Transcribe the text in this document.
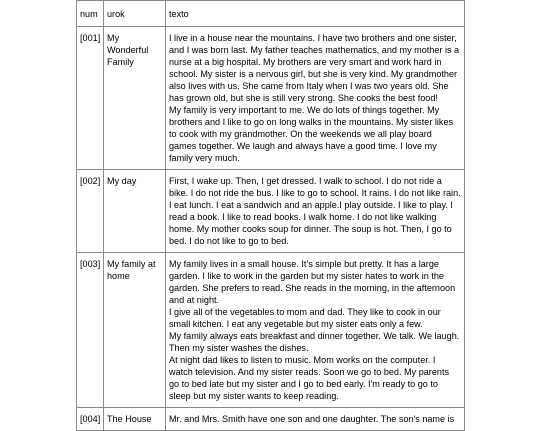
num	urok	texto
[001]	My Wonderful Family	I live in a house near the mountains. I have two brothers and one sister, and I was born last. My father teaches mathematics, and my mother is a nurse at a big hospital. My brothers are very smart and work hard in school. My sister is a nervous girl, but she is very kind. My grandmother also lives with us. She came from Italy when I was two years old. She has grown old, but she is still very strong. She cooks the best food!
My family is very important to me. We do lots of things together. My brothers and I like to go on long walks in the mountains. My sister likes to cook with my grandmother. On the weekends we all play board games together. We laugh and always have a good time. I love my family very much.

[002]	My day	First, I wake up. Then, I get dressed. I walk to school. I do not ride a bike. I do not ride the bus. I like to go to school. It rains. I do not like rain. I eat lunch. I eat a sandwich and an apple.I play outside. I like to play. I read a book. I like to read books. I walk home. I do not like walking home. My mother cooks soup for dinner. The soup is hot. Then, I go to bed. I do not like to go to bed.

[003]	My family at home	My family lives in a small house. It's simple but pretty. It has a large garden. I like to work in the garden but my sister hates to work in the garden. She prefers to read. She reads in the morning, in the afternoon and at night.
I give all of the vegetables to mom and dad. They like to cook in our small kitchen. I eat any vegetable but my sister eats only a few.
My family always eats breakfast and dinner together. We talk. We laugh.
Then my sister washes the dishes.
At night dad likes to listen to music. Mom works on the computer. I watch television. And my sister reads. Soon we go to bed. My parents go to bed late but my sister and I go to bed early. I'm ready to go to sleep but my sister wants to keep reading.

[004]	The House	Mr. and Mrs. Smith have one son and one daughter. The son's name is
